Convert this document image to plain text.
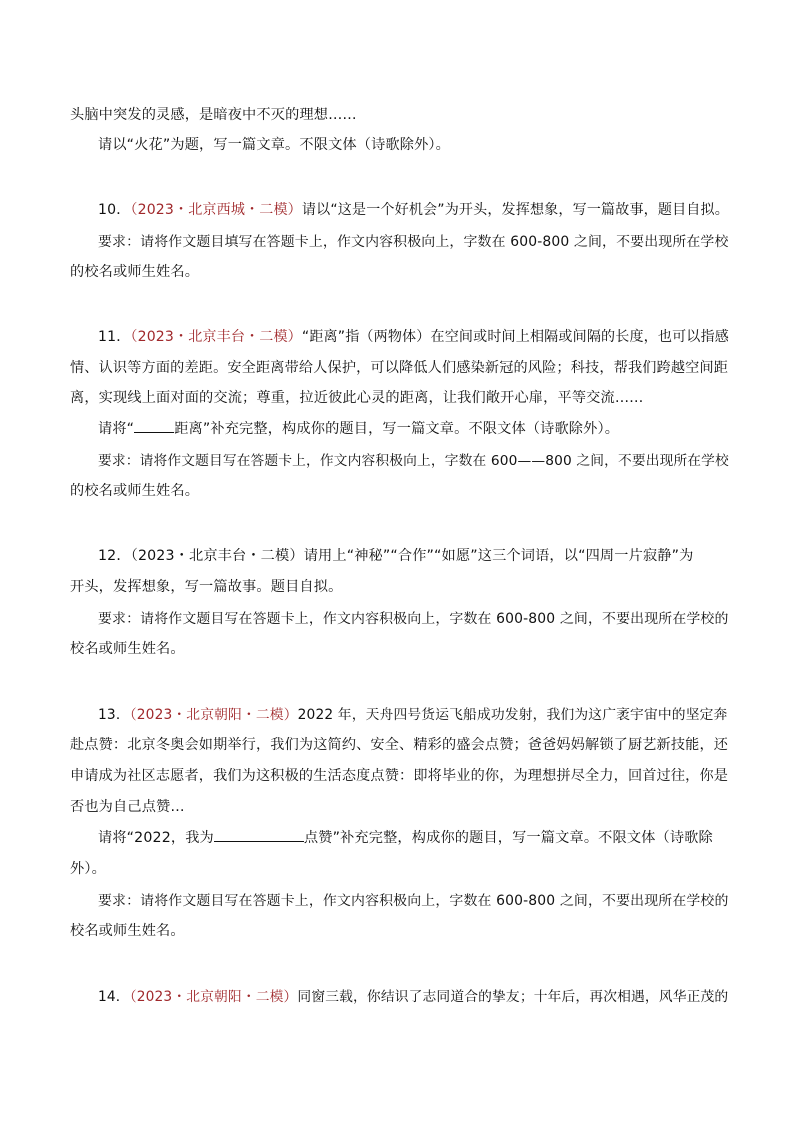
头脑中突发的灵感，是暗夜中不灭的理想……
请以“火花”为题，写一篇文章。不限文体（诗歌除外）。
10．（2023・北京西城・二模）请以“这是一个好机会”为开头，发挥想象，写一篇故事，题目自拟。
要求：请将作文题目填写在答题卡上，作文内容积极向上，字数在 600-800 之间，不要出现所在学校
的校名或师生姓名。
11．（2023・北京丰台・二模）“距离”指（两物体）在空间或时间上相隔或间隔的长度，也可以指感
情、认识等方面的差距。安全距离带给人保护，可以降低人们感染新冠的风险；科技，帮我们跨越空间距
离，实现线上面对面的交流；尊重，拉近彼此心灵的距离，让我们敞开心扉，平等交流……
请将“	距离”补充完整，构成你的题目，写一篇文章。不限文体（诗歌除外）。
要求：请将作文题目写在答题卡上，作文内容积极向上，字数在 600——800 之间，不要出现所在学校
的校名或师生姓名。
12．（2023・北京丰台・二模）请用上“神秘”“合作”“如愿”这三个词语，以“四周一片寂静”为
开头，发挥想象，写一篇故事。题目自拟。
要求：请将作文题目写在答题卡上，作文内容积极向上，字数在 600-800 之间，不要出现所在学校的
校名或师生姓名。
13．（2023・北京朝阳・二模）2022 年，天舟四号货运飞船成功发射，我们为这广袤宇宙中的坚定奔
赴点赞：北京冬奥会如期举行，我们为这简约、安全、精彩的盛会点赞；爸爸妈妈解锁了厨艺新技能，还
申请成为社区志愿者，我们为这积极的生活态度点赞：即将毕业的你，为理想拼尽全力，回首过往，你是
否也为自己点赞…
请将“2022，我为	点赞”补充完整，构成你的题目，写一篇文章。不限文体（诗歌除
外）。
要求：请将作文题目写在答题卡上，作文内容积极向上，字数在 600-800 之间，不要出现所在学校的
校名或师生姓名。
14．（2023・北京朝阳・二模）同窗三载，你结识了志同道合的挚友；十年后，再次相遇，风华正茂的
